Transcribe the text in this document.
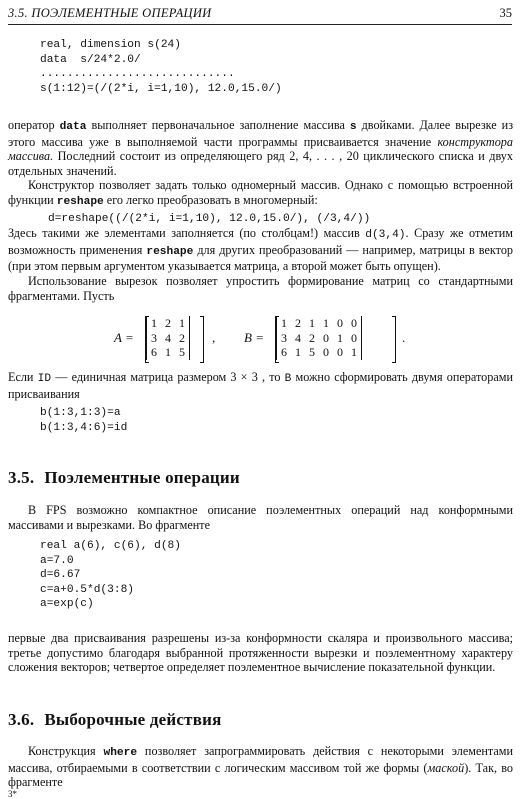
3.5. ПОЭЛЕМЕНТНЫЕ ОПЕРАЦИИ	35
real, dimension s(24)
data  s/24*2.0/
.............................
s(1:12)=(/(2*i, i=1,10), 12.0,15.0/)

оператор data выполняет первоначальное заполнение массива s двойками. Далее вырезке из этого массива уже в выполняемой части программы присваивается значение конструктора массива. Последний состоит из определяющего ряд 2, 4, . . . , 20 циклического списка и двух отдельных значений.

Конструктор позволяет задать только одномерный массив. Однако с помощью встроенной функции reshape его легко преобразовать в многомерный:

d=reshape((/(2*i, i=1,10), 12.0,15.0/), (/3,4/))

Здесь такими же элементами заполняется (по столбцам!) массив d(3,4). Сразу же отметим возможность применения reshape для других преобразований — например, матрицы в вектор (при этом первым аргументом указывается матрица, а второй может быть опущен).

Использование вырезок позволяет упростить формирование матриц со стандартными фрагментами. Пусть

A =
1	2	1
3	4	2
6	1	5
, B =
1	2	1	1	0	0
3	4	2	0	1	0
6	1	5	0	0	1
.

Если ID — единичная матрица размером 3 × 3 , то B можно сформировать двумя операторами присваивания

b(1:3,1:3)=a
b(1:3,4:6)=id
3.5. Поэлементные операции

В FPS возможно компактное описание поэлементных операций над конформными массивами и вырезками. Во фрагменте

real a(6), c(6), d(8)
a=7.0
d=6.67
c=a+0.5*d(3:8)
a=exp(c)

первые два присваивания разрешены из-за конформности скаляра и произвольного массива; третье допустимо благодаря выбранной протяженности вырезки и поэлементному характеру сложения векторов; четвертое определяет поэлементное вычисление показательной функции.

3.6. Выборочные действия

Конструкция where позволяет запрограммировать действия с некоторыми элементами массива, отбираемыми в соответствии с логическим массивом той же формы (маской). Так, во фрагменте

3*
